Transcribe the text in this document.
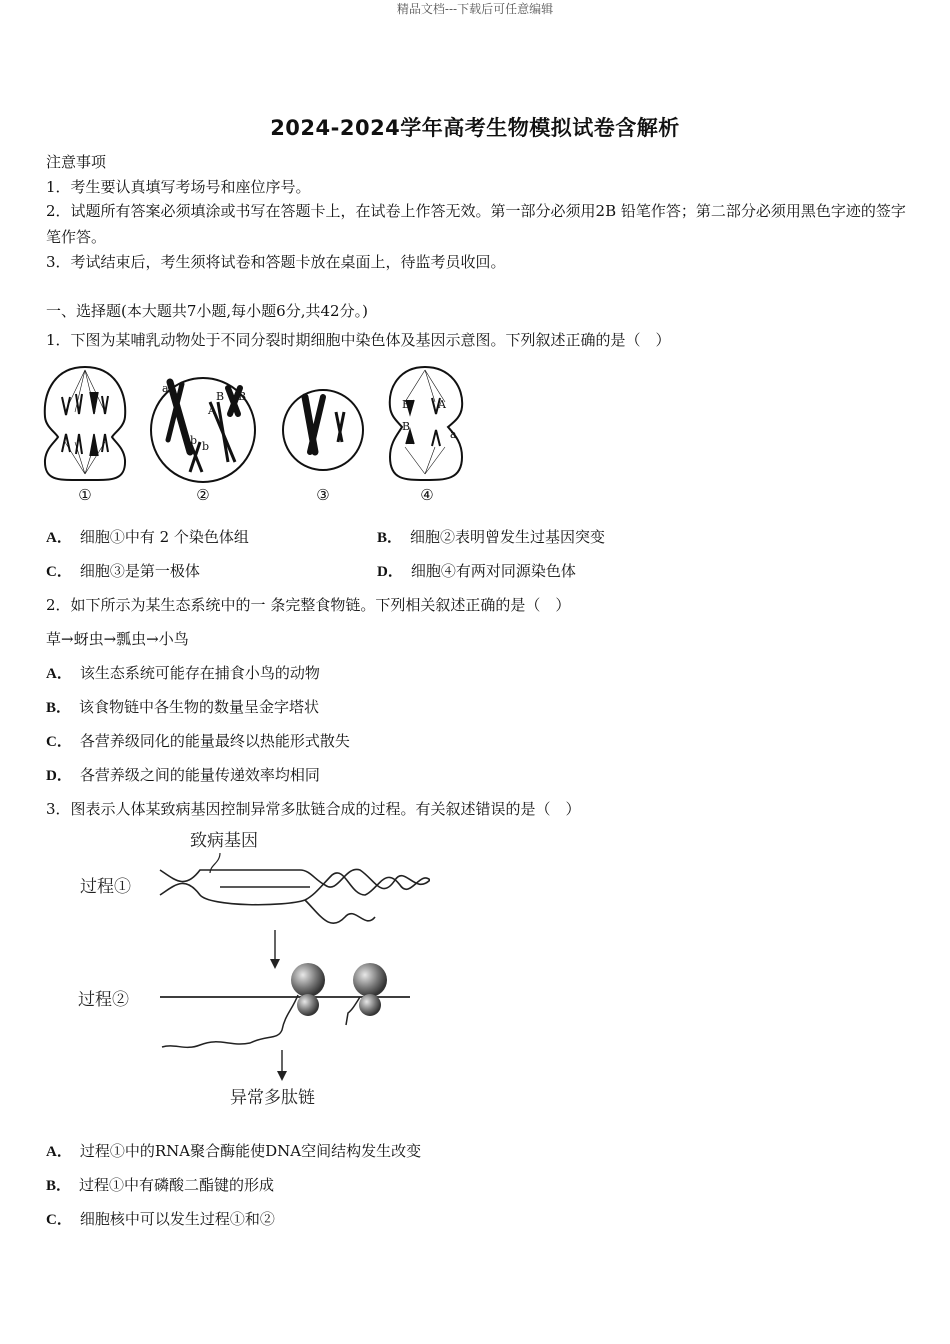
精品文档---下载后可任意编辑
2024-2024学年高考生物模拟试卷含解析
注意事项
1．考生要认真填写考场号和座位序号。
2．试题所有答案必须填涂或书写在答题卡上，在试卷上作答无效。第一部分必须用2B 铅笔作答；第二部分必须用黑色字迹的签字笔作答。
3．考试结束后，考生须将试卷和答题卡放在桌面上，待监考员收回。
一、选择题(本大题共7小题,每小题6分,共42分。)
1．下图为某哺乳动物处于不同分裂时期细胞中染色体及基因示意图。下列叙述正确的是（　）
a
B B
A
b b
B	A
B
a
①	②	③	④
A． 细胞①中有 2 个染色体组	B． 细胞②表明曾发生过基因突变
C． 细胞③是第一极体	D． 细胞④有两对同源染色体
2．如下所示为某生态系统中的一 条完整食物链。下列相关叙述正确的是（　）
草→蚜虫→瓢虫→小鸟
A． 该生态系统可能存在捕食小鸟的动物
B． 该食物链中各生物的数量呈金字塔状
C． 各营养级同化的能量最终以热能形式散失
D． 各营养级之间的能量传递效率均相同
3．图表示人体某致病基因控制异常多肽链合成的过程。有关叙述错误的是（　）
致病基因
过程①
过程②
异常多肽链
A． 过程①中的RNA聚合酶能使DNA空间结构发生改变
B． 过程①中有磷酸二酯键的形成
C． 细胞核中可以发生过程①和②
